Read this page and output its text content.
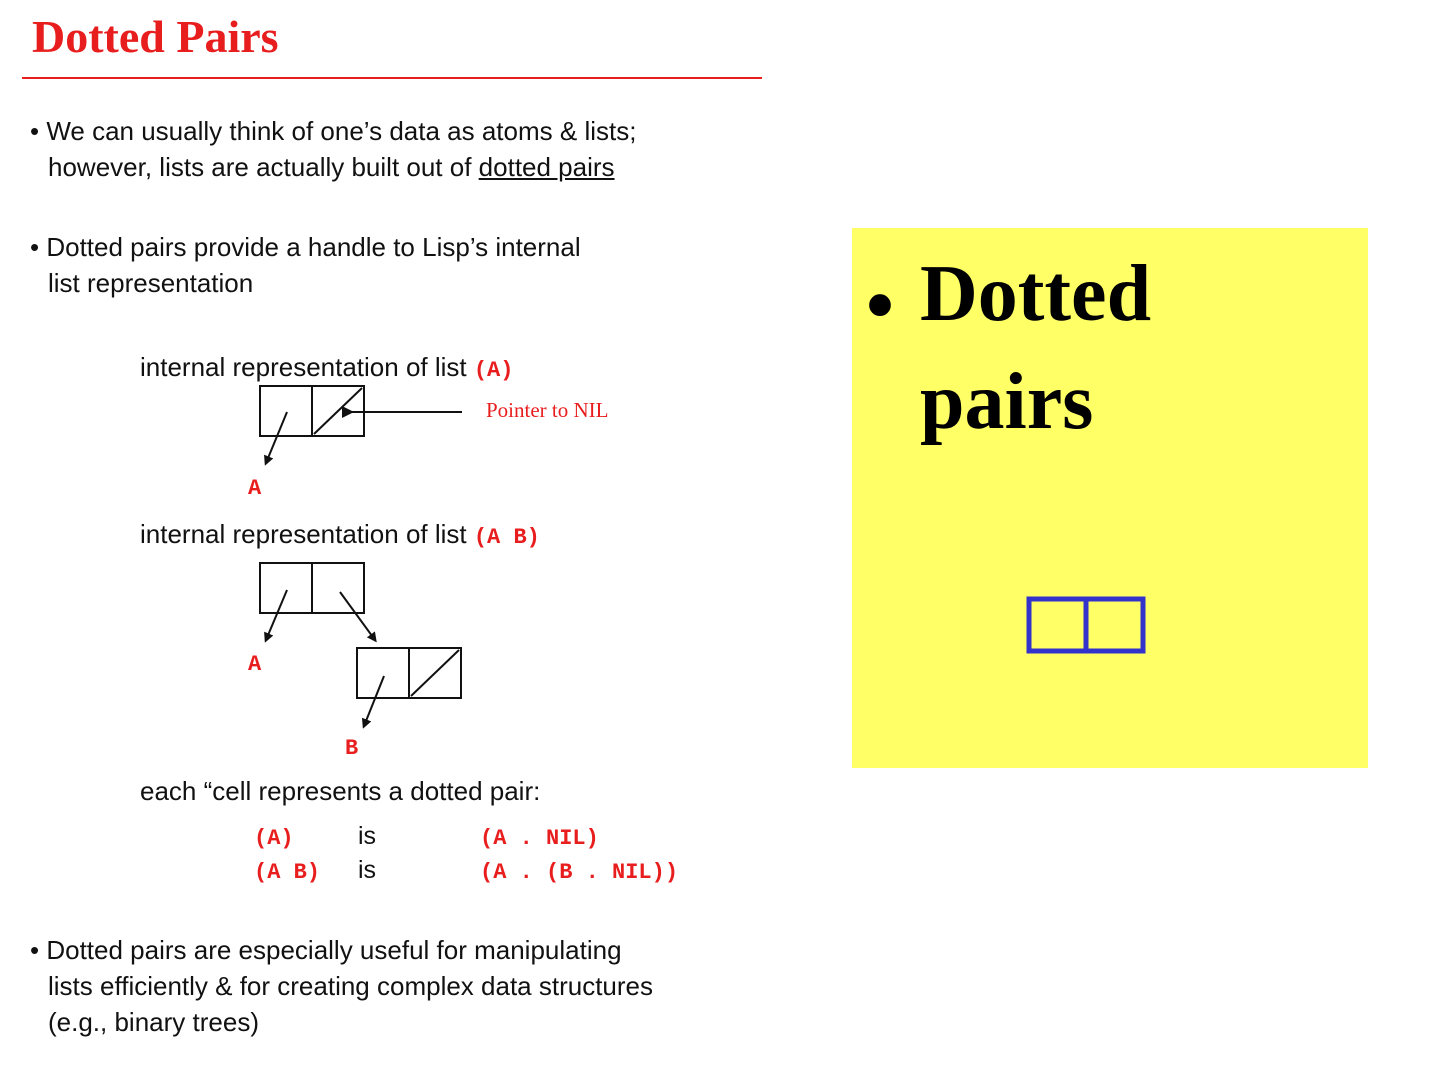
Dotted Pairs
• We can usually think of one’s data as atoms & lists;
however, lists are actually built out of dotted pairs
• Dotted pairs provide a handle to Lisp’s internal
list representation
internal representation of list (A)
Pointer to NIL
A
internal representation of list (A B)
A
B
each “cell represents a dotted pair:
(A)	is	(A . NIL)
(A B) is	(A . (B . NIL))
• Dotted pairs are especially useful for manipulating
lists efficiently & for creating complex data structures
(e.g., binary trees)
• Dotted pairs
